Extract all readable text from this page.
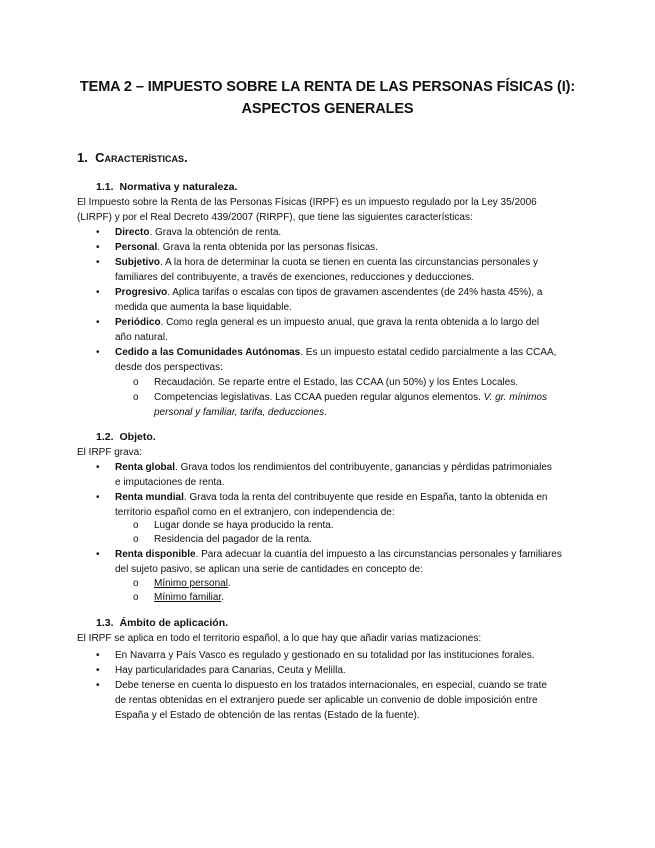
TEMA 2 – IMPUESTO SOBRE LA RENTA DE LAS PERSONAS FÍSICAS (I):
ASPECTOS GENERALES
1. Características.
1.1. Normativa y naturaleza.
El Impuesto sobre la Renta de las Personas Físicas (IRPF) es un impuesto regulado por la Ley 35/2006
(LIRPF) y por el Real Decreto 439/2007 (RIRPF), que tiene las siguientes características:
• Directo. Grava la obtención de renta.
• Personal. Grava la renta obtenida por las personas físicas.
• Subjetivo. A la hora de determinar la cuota se tienen en cuenta las circunstancias personales y
familiares del contribuyente, a través de exenciones, reducciones y deducciones.
• Progresivo. Aplica tarifas o escalas con tipos de gravamen ascendentes (de 24% hasta 45%), a
medida que aumenta la base liquidable.
• Periódico. Como regla general es un impuesto anual, que grava la renta obtenida a lo largo del
año natural.
• Cedido a las Comunidades Autónomas. Es un impuesto estatal cedido parcialmente a las CCAA,
desde dos perspectivas:
o Recaudación. Se reparte entre el Estado, las CCAA (un 50%) y los Entes Locales.
o Competencias legislativas. Las CCAA pueden regular algunos elementos. V. gr. mínimos
personal y familiar, tarifa, deducciones.
1.2. Objeto.
El IRPF grava:
• Renta global. Grava todos los rendimientos del contribuyente, ganancias y pérdidas patrimoniales
e imputaciones de renta.
• Renta mundial. Grava toda la renta del contribuyente que reside en España, tanto la obtenida en
territorio español como en el extranjero, con independencia de:
o Lugar donde se haya producido la renta.
o Residencia del pagador de la renta.
• Renta disponible. Para adecuar la cuantía del impuesto a las circunstancias personales y familiares
del sujeto pasivo, se aplican una serie de cantidades en concepto de:
o Mínimo personal.
o Mínimo familiar.
1.3. Ámbito de aplicación.
El IRPF se aplica en todo el territorio español, a lo que hay que añadir varias matizaciones:
• En Navarra y País Vasco es regulado y gestionado en su totalidad por las instituciones forales.
• Hay particularidades para Canarias, Ceuta y Melilla.
• Debe tenerse en cuenta lo dispuesto en los tratados internacionales, en especial, cuando se trate
de rentas obtenidas en el extranjero puede ser aplicable un convenio de doble imposición entre
España y el Estado de obtención de las rentas (Estado de la fuente).
